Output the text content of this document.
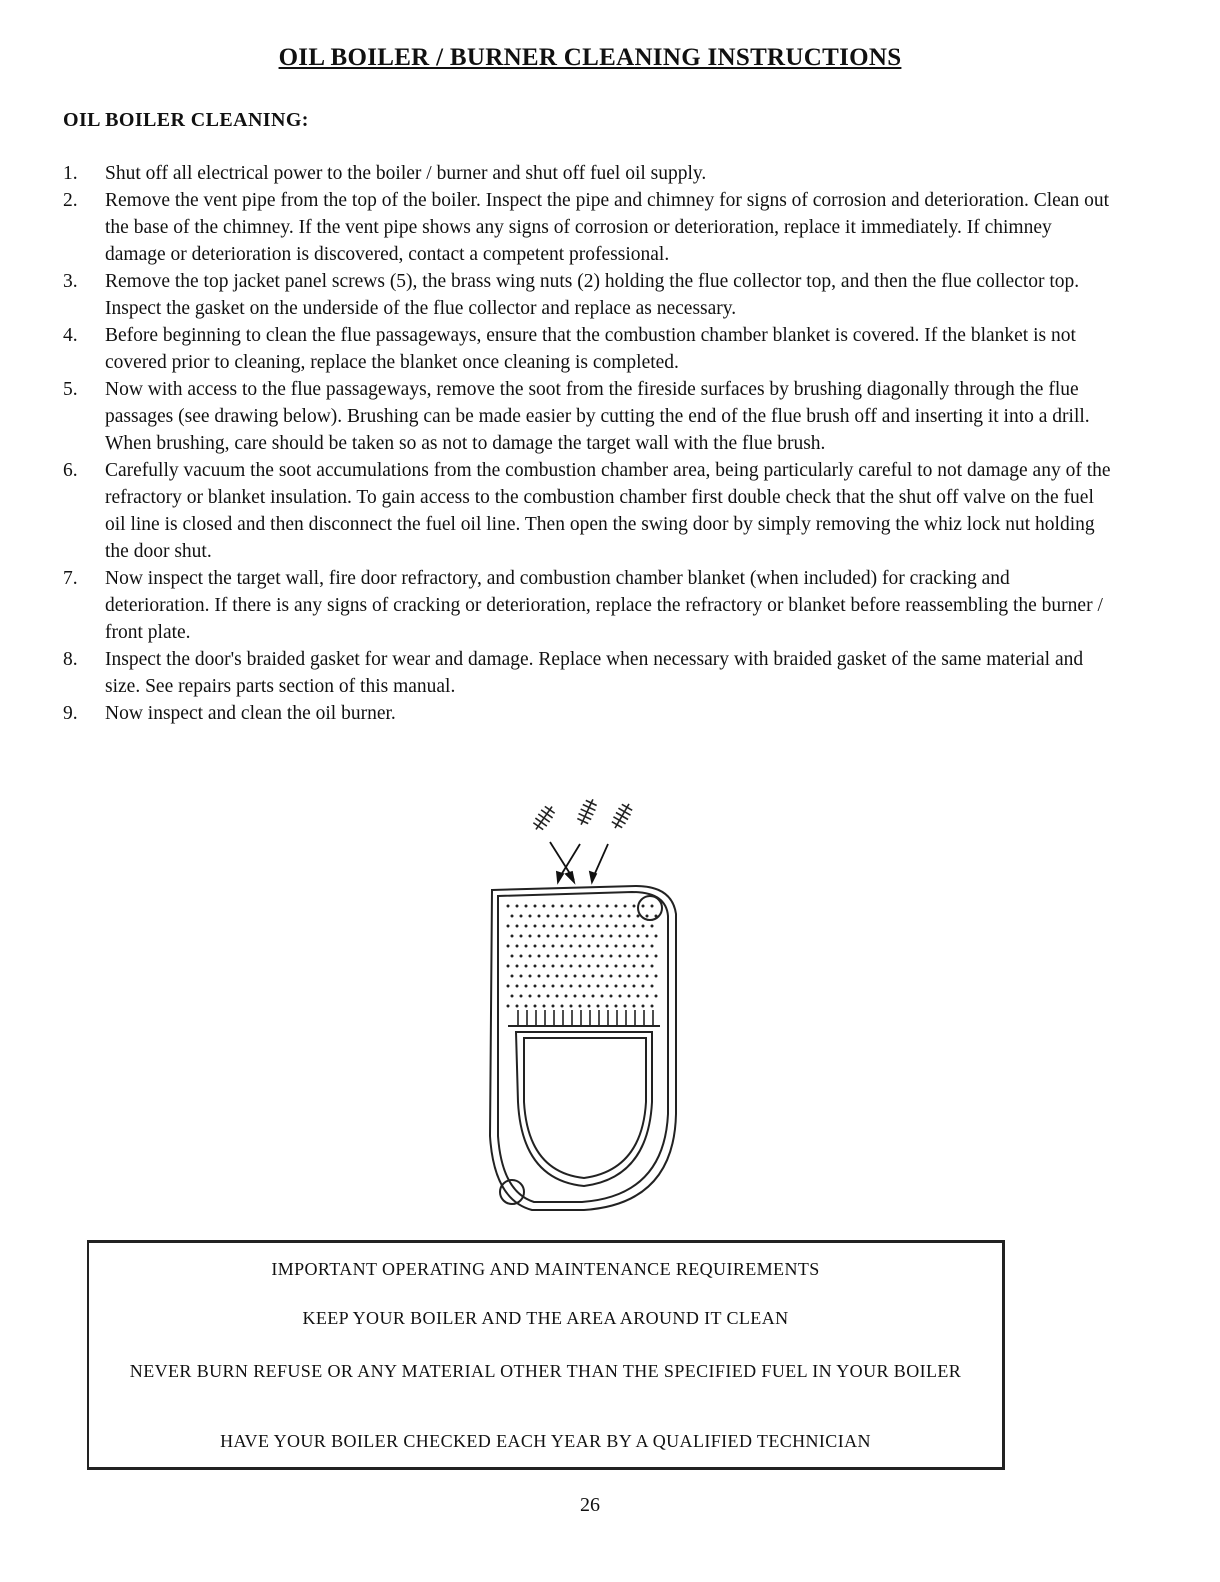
OIL BOILER / BURNER CLEANING INSTRUCTIONS
OIL BOILER CLEANING:
1.	Shut off all electrical power to the boiler / burner and shut off fuel oil supply.
2.	Remove the vent pipe from the top of the boiler. Inspect the pipe and chimney for signs of corrosion and deterioration. Clean out the base of the chimney. If the vent pipe shows any signs of corrosion or deterioration, replace it immediately. If chimney damage or deterioration is discovered, contact a competent professional.
3.	Remove the top jacket panel screws (5), the brass wing nuts (2) holding the flue collector top, and then the flue collector top. Inspect the gasket on the underside of the flue collector and replace as necessary.
4.	Before beginning to clean the flue passageways, ensure that the combustion chamber blanket is covered. If the blanket is not covered prior to cleaning, replace the blanket once cleaning is completed.
5.	Now with access to the flue passageways, remove the soot from the fireside surfaces by brushing diagonally through the flue passages (see drawing below). Brushing can be made easier by cutting the end of the flue brush off and inserting it into a drill. When brushing, care should be taken so as not to damage the target wall with the flue brush.
6.	Carefully vacuum the soot accumulations from the combustion chamber area, being particularly careful to not damage any of the refractory or blanket insulation. To gain access to the combustion chamber first double check that the shut off valve on the fuel oil line is closed and then disconnect the fuel oil line. Then open the swing door by simply removing the whiz lock nut holding the door shut.
7.	Now inspect the target wall, fire door refractory, and combustion chamber blanket (when included) for cracking and deterioration. If there is any signs of cracking or deterioration, replace the refractory or blanket before reassembling the burner / front plate.
8.	Inspect the door's braided gasket for wear and damage. Replace when necessary with braided gasket of the same material and size. See repairs parts section of this manual.
9.	Now inspect and clean the oil burner.

IMPORTANT OPERATING AND MAINTENANCE REQUIREMENTS

KEEP YOUR BOILER AND THE AREA AROUND IT CLEAN

NEVER BURN REFUSE OR ANY MATERIAL OTHER THAN THE SPECIFIED FUEL IN YOUR BOILER

HAVE YOUR BOILER CHECKED EACH YEAR BY A QUALIFIED TECHNICIAN

26
